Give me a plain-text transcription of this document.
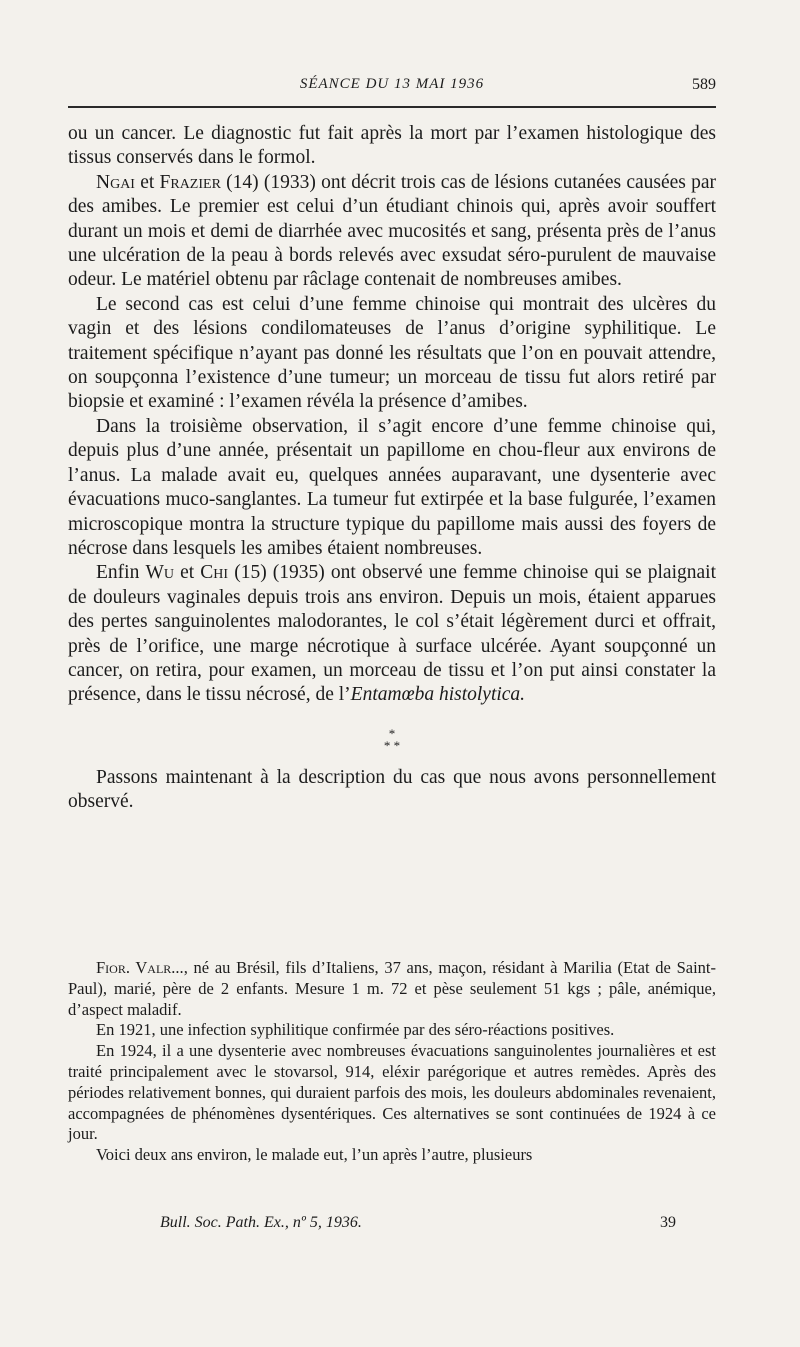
SÉANCE DU 13 MAI 1936	589

ou un cancer. Le diagnostic fut fait après la mort par l’examen histologique des tissus conservés dans le formol.

Ngai et Frazier (14) (1933) ont décrit trois cas de lésions cutanées causées par des amibes. Le premier est celui d’un étudiant chinois qui, après avoir souffert durant un mois et demi de diarrhée avec mucosités et sang, présenta près de l’anus une ulcération de la peau à bords relevés avec exsudat séro-purulent de mauvaise odeur. Le matériel obtenu par râclage contenait de nombreuses amibes.

Le second cas est celui d’une femme chinoise qui montrait des ulcères du vagin et des lésions condilomateuses de l’anus d’origine syphilitique. Le traitement spécifique n’ayant pas donné les résultats que l’on en pouvait attendre, on soupçonna l’existence d’une tumeur; un morceau de tissu fut alors retiré par biopsie et examiné : l’examen révéla la présence d’amibes.

Dans la troisième observation, il s’agit encore d’une femme chinoise qui, depuis plus d’une année, présentait un papillome en chou-fleur aux environs de l’anus. La malade avait eu, quelques années auparavant, une dysenterie avec évacuations muco-sanglantes. La tumeur fut extirpée et la base fulgurée, l’examen microscopique montra la structure typique du papillome mais aussi des foyers de nécrose dans lesquels les amibes étaient nombreuses.

Enfin Wu et Chi (15) (1935) ont observé une femme chinoise qui se plaignait de douleurs vaginales depuis trois ans environ. Depuis un mois, étaient apparues des pertes sanguinolentes malodorantes, le col s’était légèrement durci et offrait, près de l’orifice, une marge nécrotique à surface ulcérée. Ayant soupçonné un cancer, on retira, pour examen, un morceau de tissu et l’on put ainsi constater la présence, dans le tissu nécrosé, de l’Entamœba histolytica.

*
* *

Passons maintenant à la description du cas que nous avons personnellement observé.

Fior. Valr..., né au Brésil, fils d’Italiens, 37 ans, maçon, résidant à Marilia (Etat de Saint-Paul), marié, père de 2 enfants. Mesure 1 m. 72 et pèse seulement 51 kgs ; pâle, anémique, d’aspect maladif.

En 1921, une infection syphilitique confirmée par des séro-réactions positives.

En 1924, il a une dysenterie avec nombreuses évacuations sanguinolentes journalières et est traité principalement avec le stovarsol, 914, eléxir parégorique et autres remèdes. Après des périodes relativement bonnes, qui duraient parfois des mois, les douleurs abdominales revenaient, accompagnées de phénomènes dysentériques. Ces alternatives se sont continuées de 1924 à ce jour.

Voici deux ans environ, le malade eut, l’un après l’autre, plusieurs

Bull. Soc. Path. Ex., nº 5, 1936.	39
